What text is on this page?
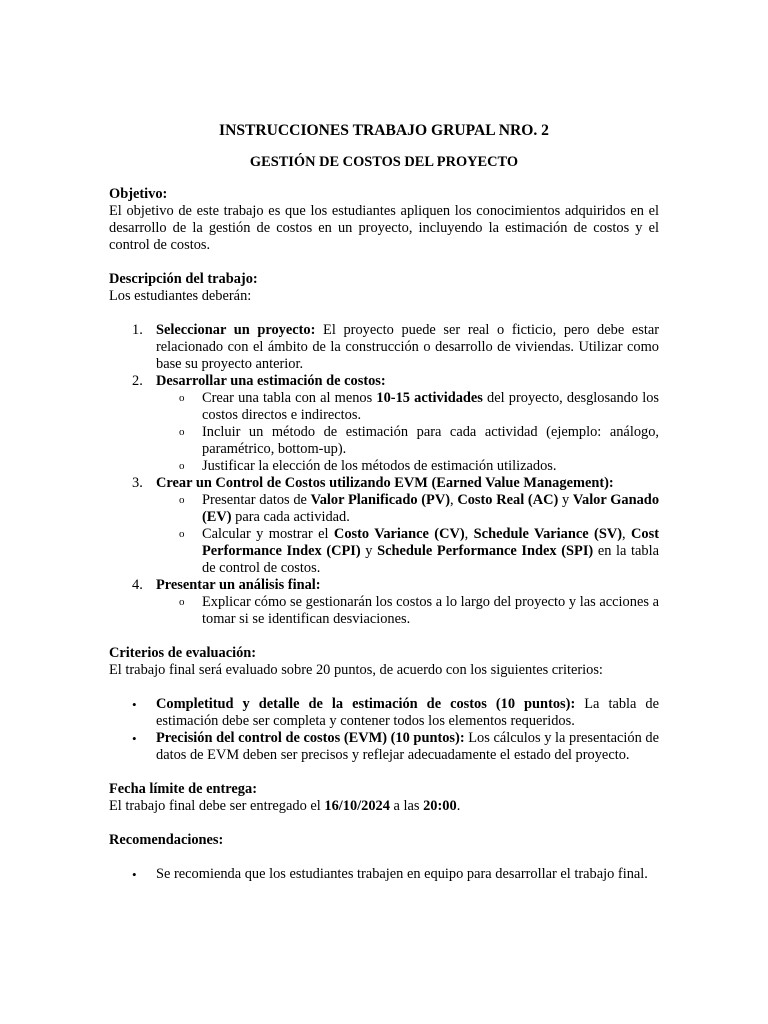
INSTRUCCIONES TRABAJO GRUPAL NRO. 2

GESTIÓN DE COSTOS DEL PROYECTO

Objetivo:

El objetivo de este trabajo es que los estudiantes apliquen los conocimientos adquiridos en el desarrollo de la gestión de costos en un proyecto, incluyendo la estimación de costos y el control de costos.

Descripción del trabajo:

Los estudiantes deberán:

1. Seleccionar un proyecto: El proyecto puede ser real o ficticio, pero debe estar relacionado con el ámbito de la construcción o desarrollo de viviendas. Utilizar como base su proyecto anterior.
2. Desarrollar una estimación de costos:
o Crear una tabla con al menos 10-15 actividades del proyecto, desglosando los costos directos e indirectos.
o Incluir un método de estimación para cada actividad (ejemplo: análogo, paramétrico, bottom-up).
o Justificar la elección de los métodos de estimación utilizados.
3. Crear un Control de Costos utilizando EVM (Earned Value Management):
o Presentar datos de Valor Planificado (PV), Costo Real (AC) y Valor Ganado (EV) para cada actividad.
o Calcular y mostrar el Costo Variance (CV), Schedule Variance (SV), Cost Performance Index (CPI) y Schedule Performance Index (SPI) en la tabla de control de costos.
4. Presentar un análisis final:
o Explicar cómo se gestionarán los costos a lo largo del proyecto y las acciones a tomar si se identifican desviaciones.

Criterios de evaluación:

El trabajo final será evaluado sobre 20 puntos, de acuerdo con los siguientes criterios:

• Completitud y detalle de la estimación de costos (10 puntos): La tabla de estimación debe ser completa y contener todos los elementos requeridos.
• Precisión del control de costos (EVM) (10 puntos): Los cálculos y la presentación de datos de EVM deben ser precisos y reflejar adecuadamente el estado del proyecto.

Fecha límite de entrega:

El trabajo final debe ser entregado el 16/10/2024 a las 20:00.

Recomendaciones:

• Se recomienda que los estudiantes trabajen en equipo para desarrollar el trabajo final.
